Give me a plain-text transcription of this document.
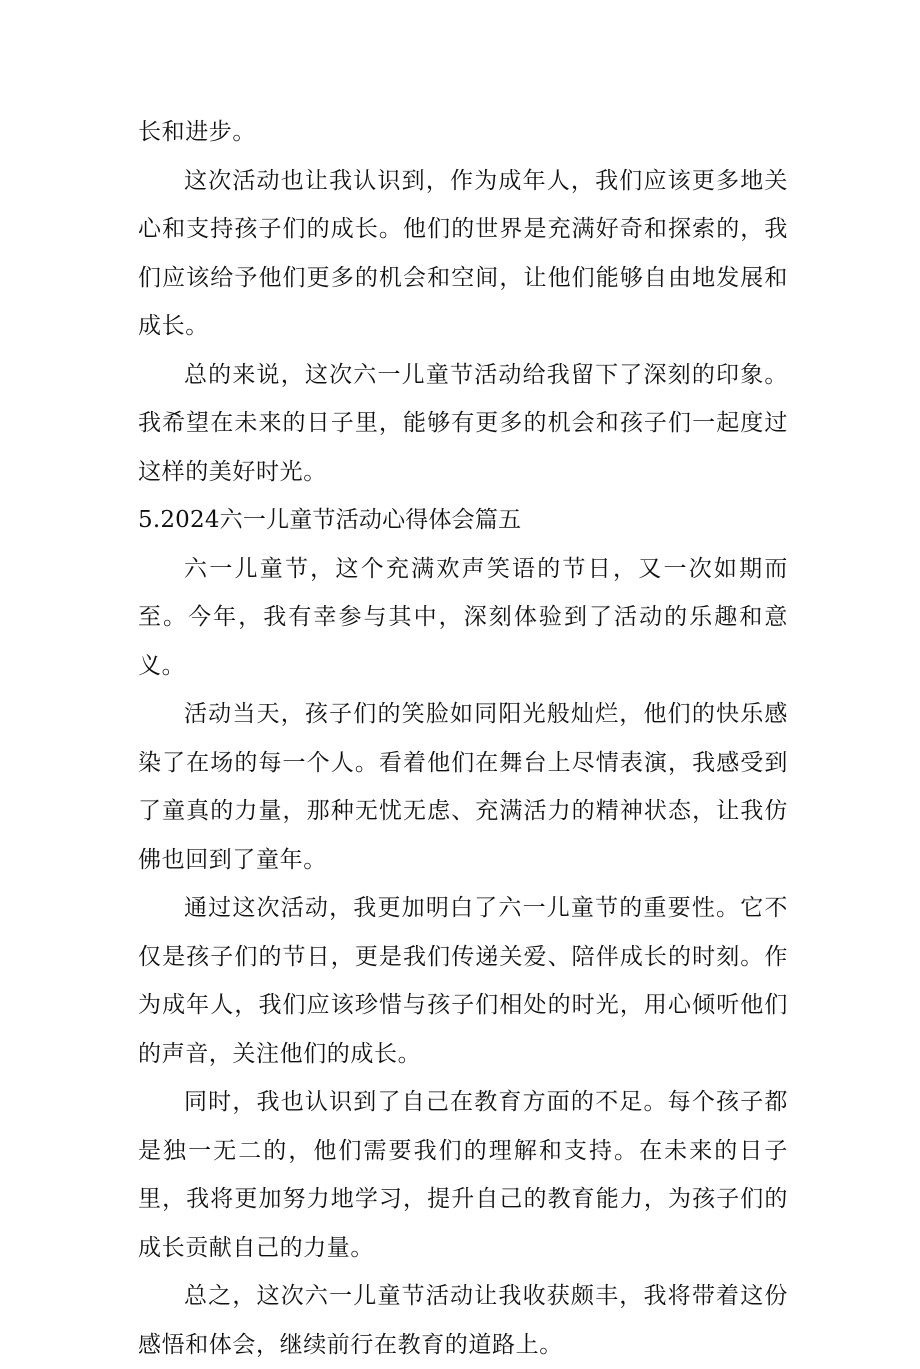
长和进步。

这次活动也让我认识到，作为成年人，我们应该更多地关心和支持孩子们的成长。他们的世界是充满好奇和探索的，我们应该给予他们更多的机会和空间，让他们能够自由地发展和成长。

总的来说，这次六一儿童节活动给我留下了深刻的印象。我希望在未来的日子里，能够有更多的机会和孩子们一起度过这样的美好时光。

5.2024六一儿童节活动心得体会篇五

六一儿童节，这个充满欢声笑语的节日，又一次如期而至。今年，我有幸参与其中，深刻体验到了活动的乐趣和意义。

活动当天，孩子们的笑脸如同阳光般灿烂，他们的快乐感染了在场的每一个人。看着他们在舞台上尽情表演，我感受到了童真的力量，那种无忧无虑、充满活力的精神状态，让我仿佛也回到了童年。

通过这次活动，我更加明白了六一儿童节的重要性。它不仅是孩子们的节日，更是我们传递关爱、陪伴成长的时刻。作为成年人，我们应该珍惜与孩子们相处的时光，用心倾听他们的声音，关注他们的成长。

同时，我也认识到了自己在教育方面的不足。每个孩子都是独一无二的，他们需要我们的理解和支持。在未来的日子里，我将更加努力地学习，提升自己的教育能力，为孩子们的成长贡献自己的力量。

总之，这次六一儿童节活动让我收获颇丰，我将带着这份感悟和体会，继续前行在教育的道路上。
